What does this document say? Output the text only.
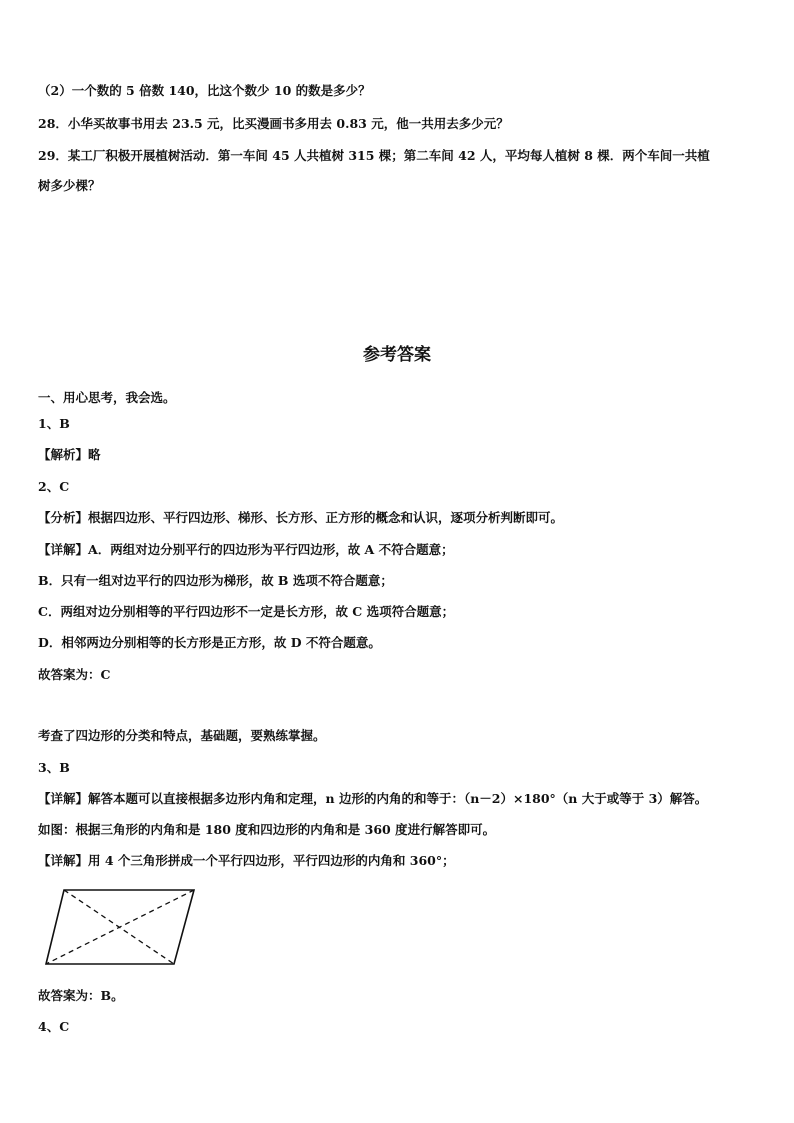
（2）一个数的 5 倍数 140，比这个数少 10 的数是多少？
28．小华买故事书用去 23.5 元，比买漫画书多用去 0.83 元，他一共用去多少元？
29．某工厂积极开展植树活动．第一车间 45 人共植树 315 棵；第二车间 42 人，平均每人植树 8 棵．两个车间一共植
树多少棵？
参考答案
一、用心思考，我会选。
1、B
【解析】略
2、C
【分析】根据四边形、平行四边形、梯形、长方形、正方形的概念和认识，逐项分析判断即可。
【详解】A．两组对边分别平行的四边形为平行四边形，故 A 不符合题意；
B．只有一组对边平行的四边形为梯形，故 B 选项不符合题意；
C．两组对边分别相等的平行四边形不一定是长方形，故 C 选项符合题意；
D．相邻两边分别相等的长方形是正方形，故 D 不符合题意。
故答案为：C
考查了四边形的分类和特点，基础题，要熟练掌握。
3、B
【详解】解答本题可以直接根据多边形内角和定理，n 边形的内角的和等于：（n－2）×180°（n 大于或等于 3）解答。
如图：根据三角形的内角和是 180 度和四边形的内角和是 360 度进行解答即可。
【详解】用 4 个三角形拼成一个平行四边形，平行四边形的内角和 360°；
故答案为：B。
4、C
